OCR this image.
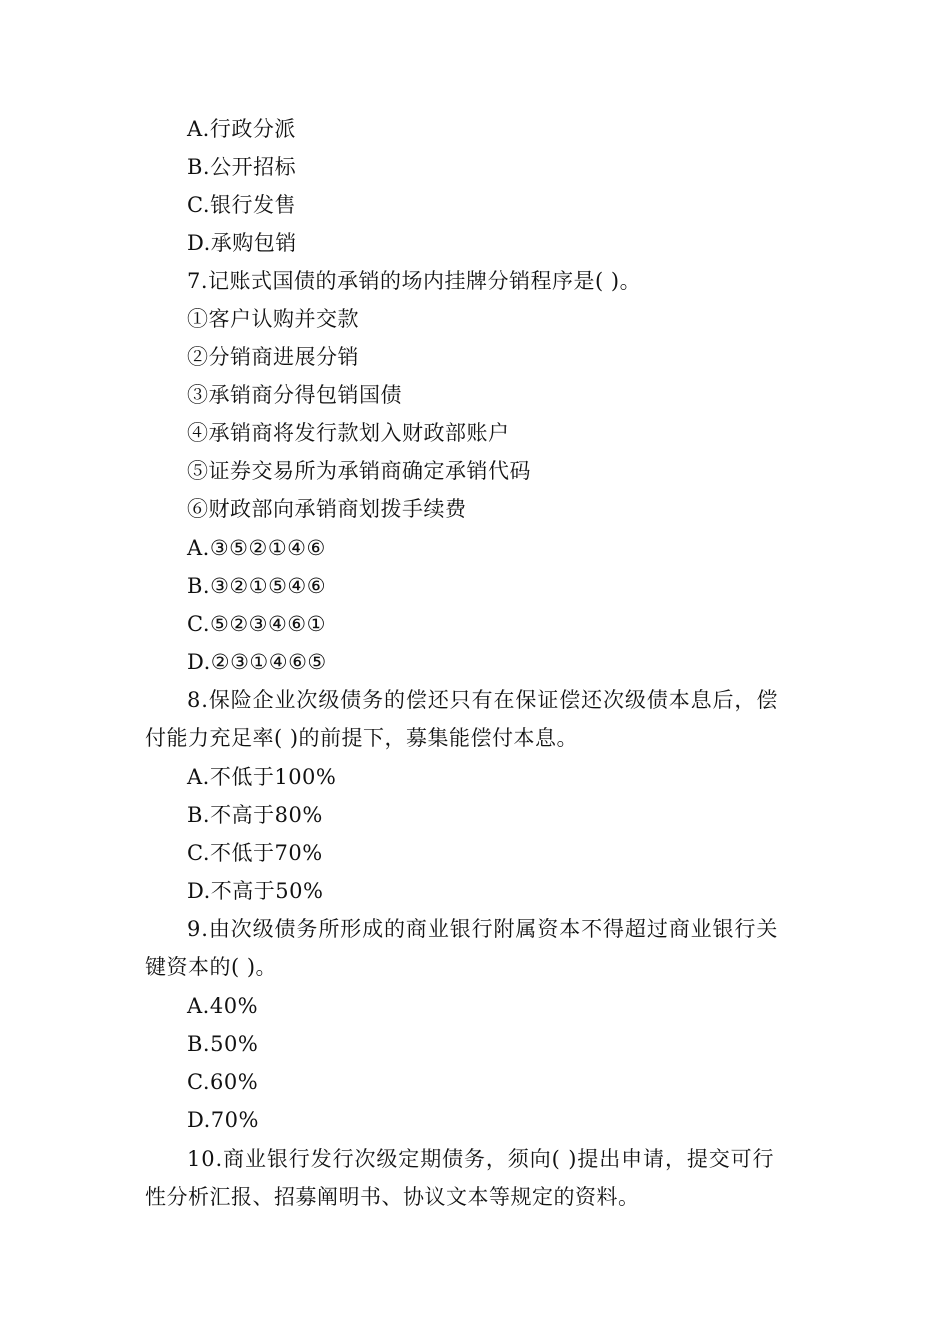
A.行政分派
B.公开招标
C.银行发售
D.承购包销
7.记账式国债的承销的场内挂牌分销程序是( )。
①客户认购并交款
②分销商进展分销
③承销商分得包销国债
④承销商将发行款划入财政部账户
⑤证券交易所为承销商确定承销代码
⑥财政部向承销商划拨手续费
A.③⑤②①④⑥
B.③②①⑤④⑥
C.⑤②③④⑥①
D.②③①④⑥⑤
8.保险企业次级债务的偿还只有在保证偿还次级债本息后，偿
付能力充足率( )的前提下，募集能偿付本息。
A.不低于100%
B.不高于80%
C.不低于70%
D.不高于50%
9.由次级债务所形成的商业银行附属资本不得超过商业银行关
键资本的( )。
A.40%
B.50%
C.60%
D.70%
10.商业银行发行次级定期债务，须向( )提出申请，提交可行
性分析汇报、招募阐明书、协议文本等规定的资料。
